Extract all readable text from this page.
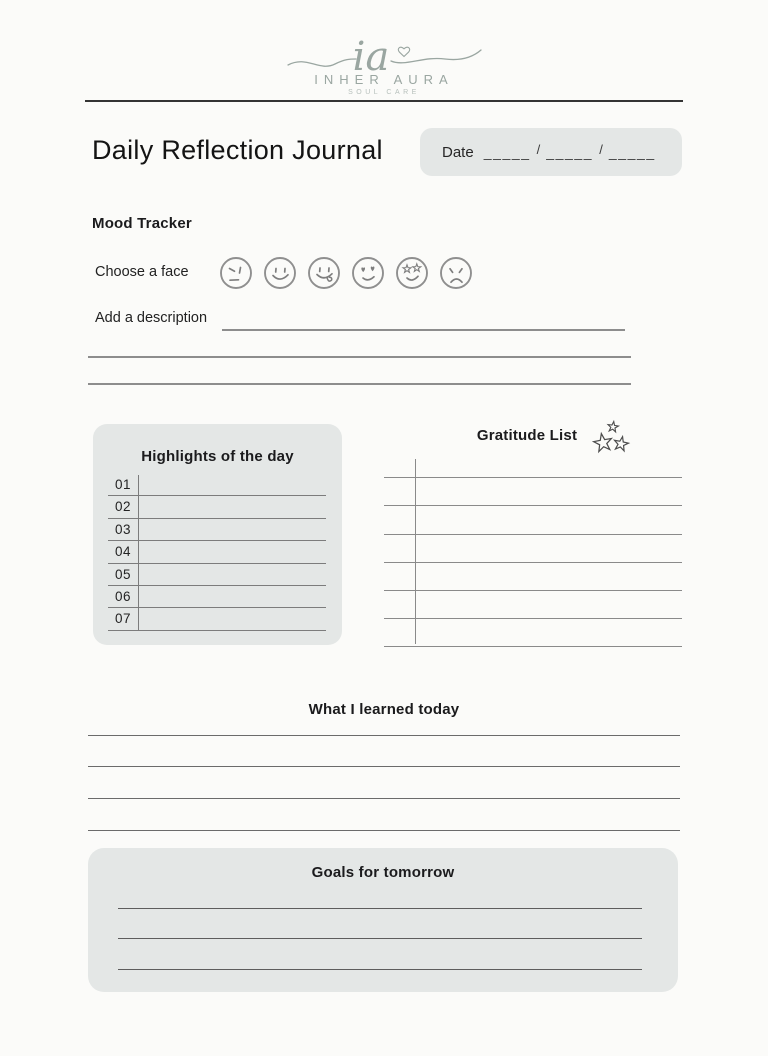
ia
INHER AURA
SOUL CARE
Daily Reflection Journal	Date _____ / _____ / _____
Mood Tracker
Choose a face
Add a description
Highlights of the day
01
02
03
04
05
06
07
Gratitude List
What I learned today
Goals for tomorrow
